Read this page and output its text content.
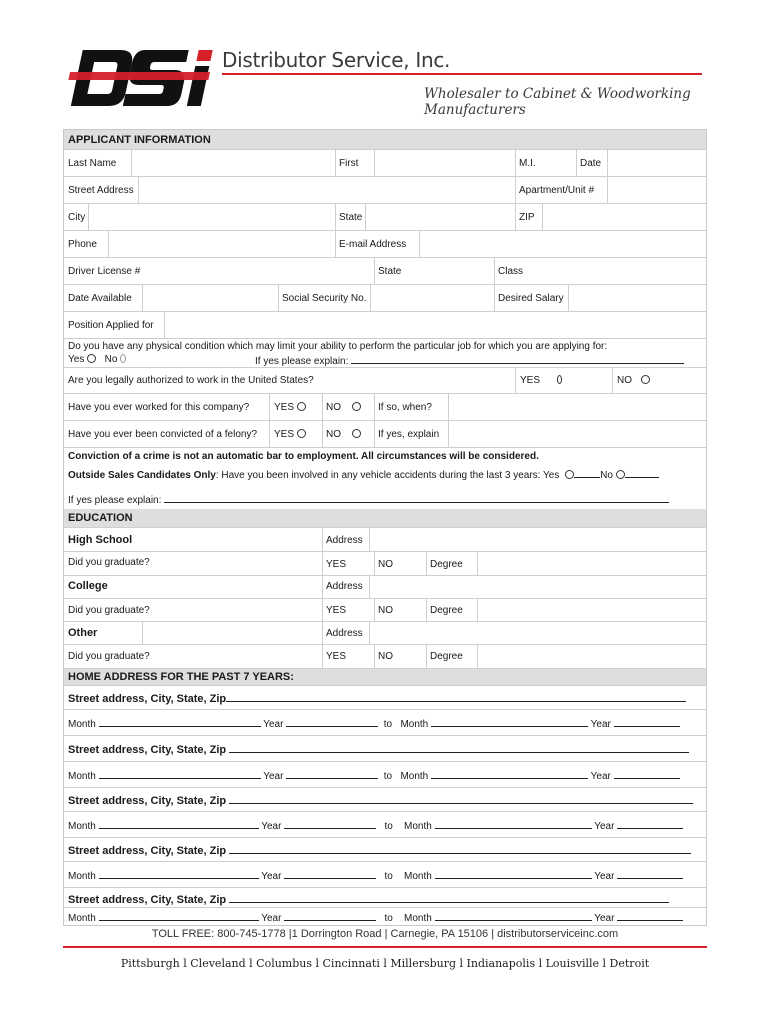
DSi
Distributor Service, Inc.
Wholesaler to Cabinet & Woodworking Manufacturers
APPLICANT INFORMATION
Last Name	First	M.I.	Date
Street Address	Apartment/Unit #
City	State	ZIP
Phone	E-mail Address
Driver License #	State	Class
Date Available	Social Security No.	Desired Salary
Position Applied for
Do you have any physical condition which may limit your ability to perform the particular job for which you are applying for:
Yes No	If yes please explain:
Are you legally authorized to work in the United States?	YES	NO
Have you ever worked for this company? YES	NO	If so, when?
Have you ever been convicted of a felony? YES	NO	If yes, explain
Conviction of a crime is not an automatic bar to employment. All circumstances will be considered.
Outside Sales Candidates Only: Have you been involved in any vehicle accidents during the last 3 years: Yes	No
If yes please explain:
EDUCATION
High School	Address
Did you graduate?	YES	NO	Degree
College	Address
Did you graduate?	YES	NO	Degree
Other	Address
Did you graduate?	YES	NO	Degree
HOME ADDRESS FOR THE PAST 7 YEARS:
Street address, City, State, Zip
Month	Year	to Month	Year
Street address, City, State, Zip
Month	Year	to Month	Year
Street address, City, State, Zip
Month	Year	to Month	Year
Street address, City, State, Zip
Month	Year	to Month	Year
Street address, City, State, Zip
Month	Year	to Month	Year
TOLL FREE: 800-745-1778 |1 Dorrington Road | Carnegie, PA 15106 | distributorserviceinc.com
Pittsburgh l Cleveland l Columbus l Cincinnati l Millersburg l Indianapolis l Louisville l Detroit
